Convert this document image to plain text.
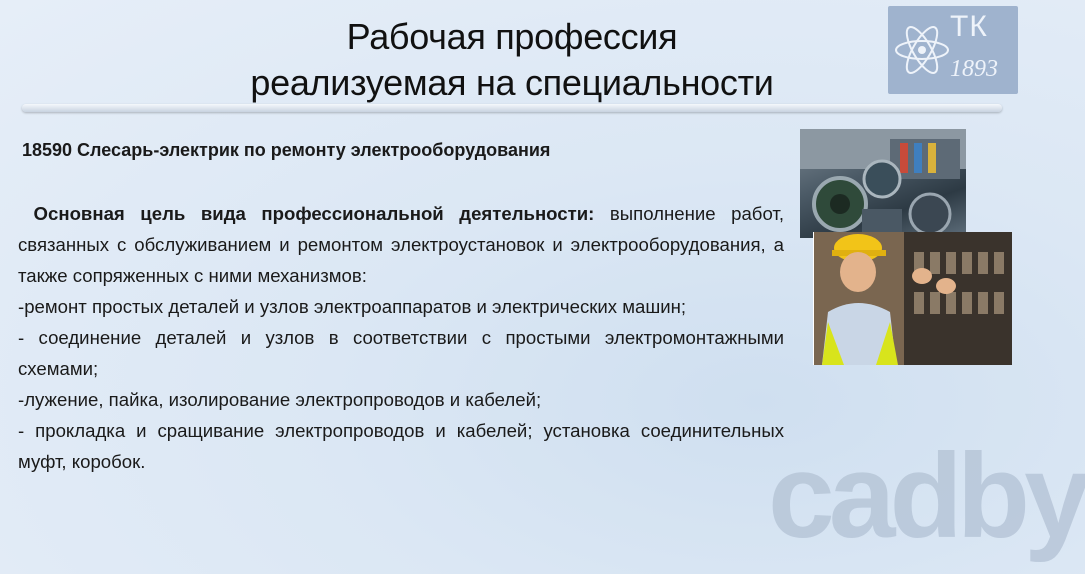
Рабочая профессия
реализуемая на специальности
ТК
1893
18590 Слесарь-электрик по ремонту электрооборудования

Основная цель вида профессиональной деятельности: выполнение работ, связанных с обслуживанием и ремонтом электроустановок и электрооборудования, а также сопряженных с ними механизмов:

-ремонт простых деталей и узлов электроаппаратов и электрических машин;

- соединение деталей и узлов в соответствии с простыми электромонтажными схемами;

-лужение, пайка, изолирование электропроводов и кабелей;

- прокладка и сращивание электропроводов и кабелей; установка соединительных муфт, коробок.	cadby
